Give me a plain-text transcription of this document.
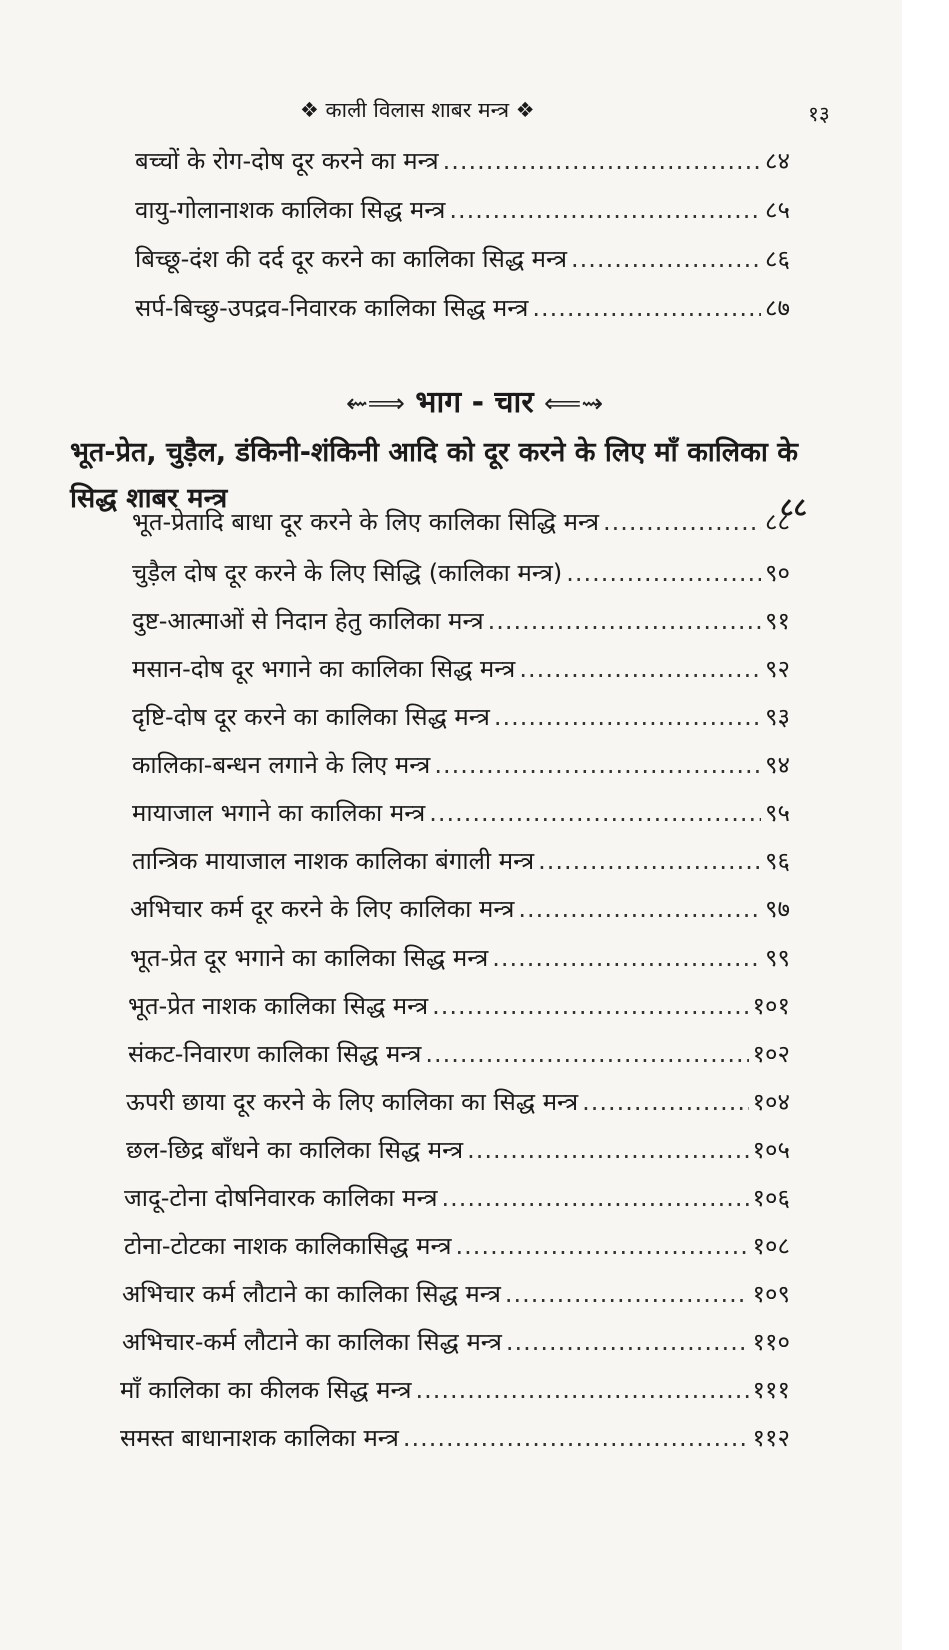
❖ काली विलास शाबर मन्त्र ❖	१३
बच्चों के रोग-दोष दूर करने का मन्त्र .....	८४
वायु-गोलानाशक कालिका सिद्ध मन्त्र .....	८५
बिच्छू-दंश की दर्द दूर करने का कालिका सिद्ध मन्त्र .....	८६
सर्प-बिच्छु-उपद्रव-निवारक कालिका सिद्ध मन्त्र .....	८७
⇜⟹ भाग - चार ⟸⇝
भूत-प्रेत, चुड़ैल, डंकिनी-शंकिनी आदि को दूर करने के लिए माँ कालिका के सिद्ध शाबर मन्त्र	८८
भूत-प्रेतादि बाधा दूर करने के लिए कालिका सिद्धि मन्त्र .....	८८
चुड़ैल दोष दूर करने के लिए सिद्धि (कालिका मन्त्र) .....	९०
दुष्ट-आत्माओं से निदान हेतु कालिका मन्त्र .....	९१
मसान-दोष दूर भगाने का कालिका सिद्ध मन्त्र .....	९२
दृष्टि-दोष दूर करने का कालिका सिद्ध मन्त्र .....	९३
कालिका-बन्धन लगाने के लिए मन्त्र .....	९४
मायाजाल भगाने का कालिका मन्त्र .....	९५
तान्त्रिक मायाजाल नाशक कालिका बंगाली मन्त्र .....	९६
अभिचार कर्म दूर करने के लिए कालिका मन्त्र .....	९७
भूत-प्रेत दूर भगाने का कालिका सिद्ध मन्त्र .....	९९
भूत-प्रेत नाशक कालिका सिद्ध मन्त्र .....	१०१
संकट-निवारण कालिका सिद्ध मन्त्र .....	१०२
ऊपरी छाया दूर करने के लिए कालिका का सिद्ध मन्त्र .....	१०४
छल-छिद्र बाँधने का कालिका सिद्ध मन्त्र .....	१०५
जादू-टोना दोषनिवारक कालिका मन्त्र .....	१०६
टोना-टोटका नाशक कालिकासिद्ध मन्त्र .....	१०८
अभिचार कर्म लौटाने का कालिका सिद्ध मन्त्र .....	१०९
अभिचार-कर्म लौटाने का कालिका सिद्ध मन्त्र .....	११०
माँ कालिका का कीलक सिद्ध मन्त्र .....	१११
समस्त बाधानाशक कालिका मन्त्र .....	११२
